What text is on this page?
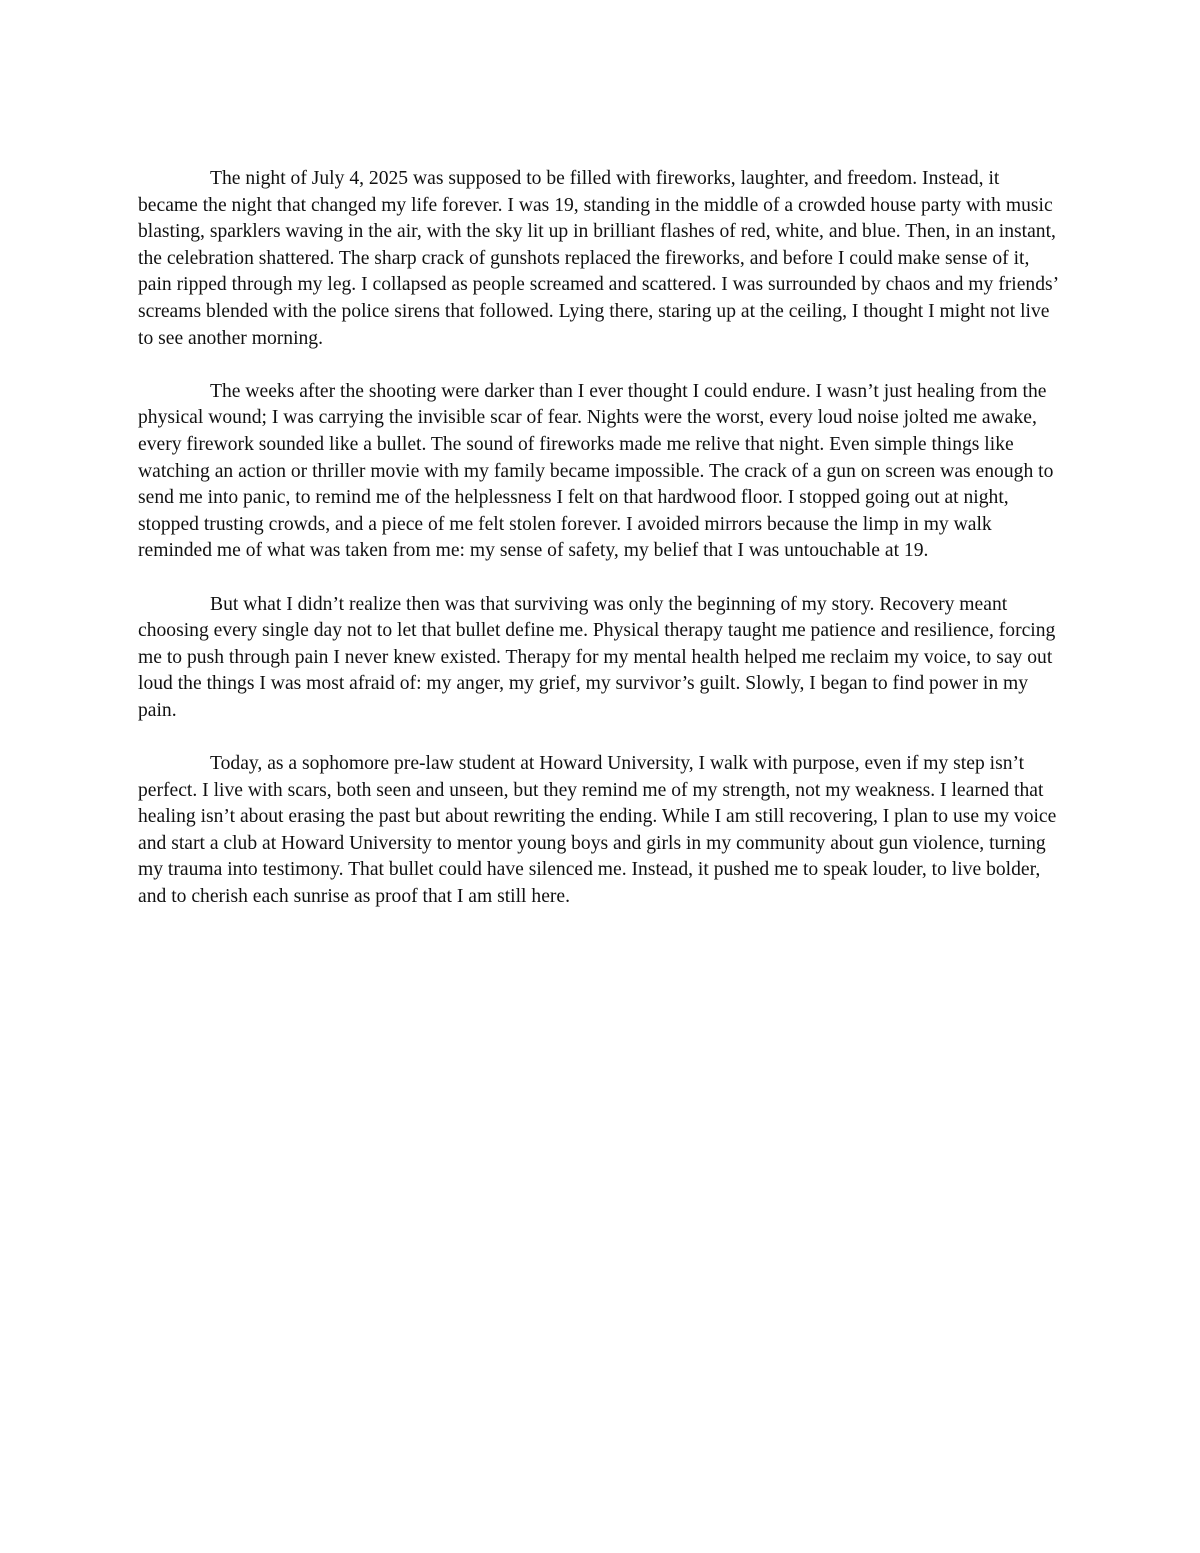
The night of July 4, 2025 was supposed to be filled with fireworks, laughter, and freedom. Instead, it became the night that changed my life forever. I was 19, standing in the middle of a crowded house party with music blasting, sparklers waving in the air, with the sky lit up in brilliant flashes of red, white, and blue. Then, in an instant, the celebration shattered. The sharp crack of gunshots replaced the fireworks, and before I could make sense of it, pain ripped through my leg. I collapsed as people screamed and scattered. I was surrounded by chaos and my friends’ screams blended with the police sirens that followed. Lying there, staring up at the ceiling, I thought I might not live to see another morning.

The weeks after the shooting were darker than I ever thought I could endure. I wasn’t just healing from the physical wound; I was carrying the invisible scar of fear. Nights were the worst, every loud noise jolted me awake, every firework sounded like a bullet. The sound of fireworks made me relive that night. Even simple things like watching an action or thriller movie with my family became impossible. The crack of a gun on screen was enough to send me into panic, to remind me of the helplessness I felt on that hardwood floor. I stopped going out at night, stopped trusting crowds, and a piece of me felt stolen forever. I avoided mirrors because the limp in my walk reminded me of what was taken from me: my sense of safety, my belief that I was untouchable at 19.

But what I didn’t realize then was that surviving was only the beginning of my story. Recovery meant choosing every single day not to let that bullet define me. Physical therapy taught me patience and resilience, forcing me to push through pain I never knew existed. Therapy for my mental health helped me reclaim my voice, to say out loud the things I was most afraid of: my anger, my grief, my survivor’s guilt. Slowly, I began to find power in my pain.

Today, as a sophomore pre-law student at Howard University, I walk with purpose, even if my step isn’t perfect. I live with scars, both seen and unseen, but they remind me of my strength, not my weakness. I learned that healing isn’t about erasing the past but about rewriting the ending. While I am still recovering, I plan to use my voice and start a club at Howard University to mentor young boys and girls in my community about gun violence, turning my trauma into testimony. That bullet could have silenced me. Instead, it pushed me to speak louder, to live bolder, and to cherish each sunrise as proof that I am still here.
